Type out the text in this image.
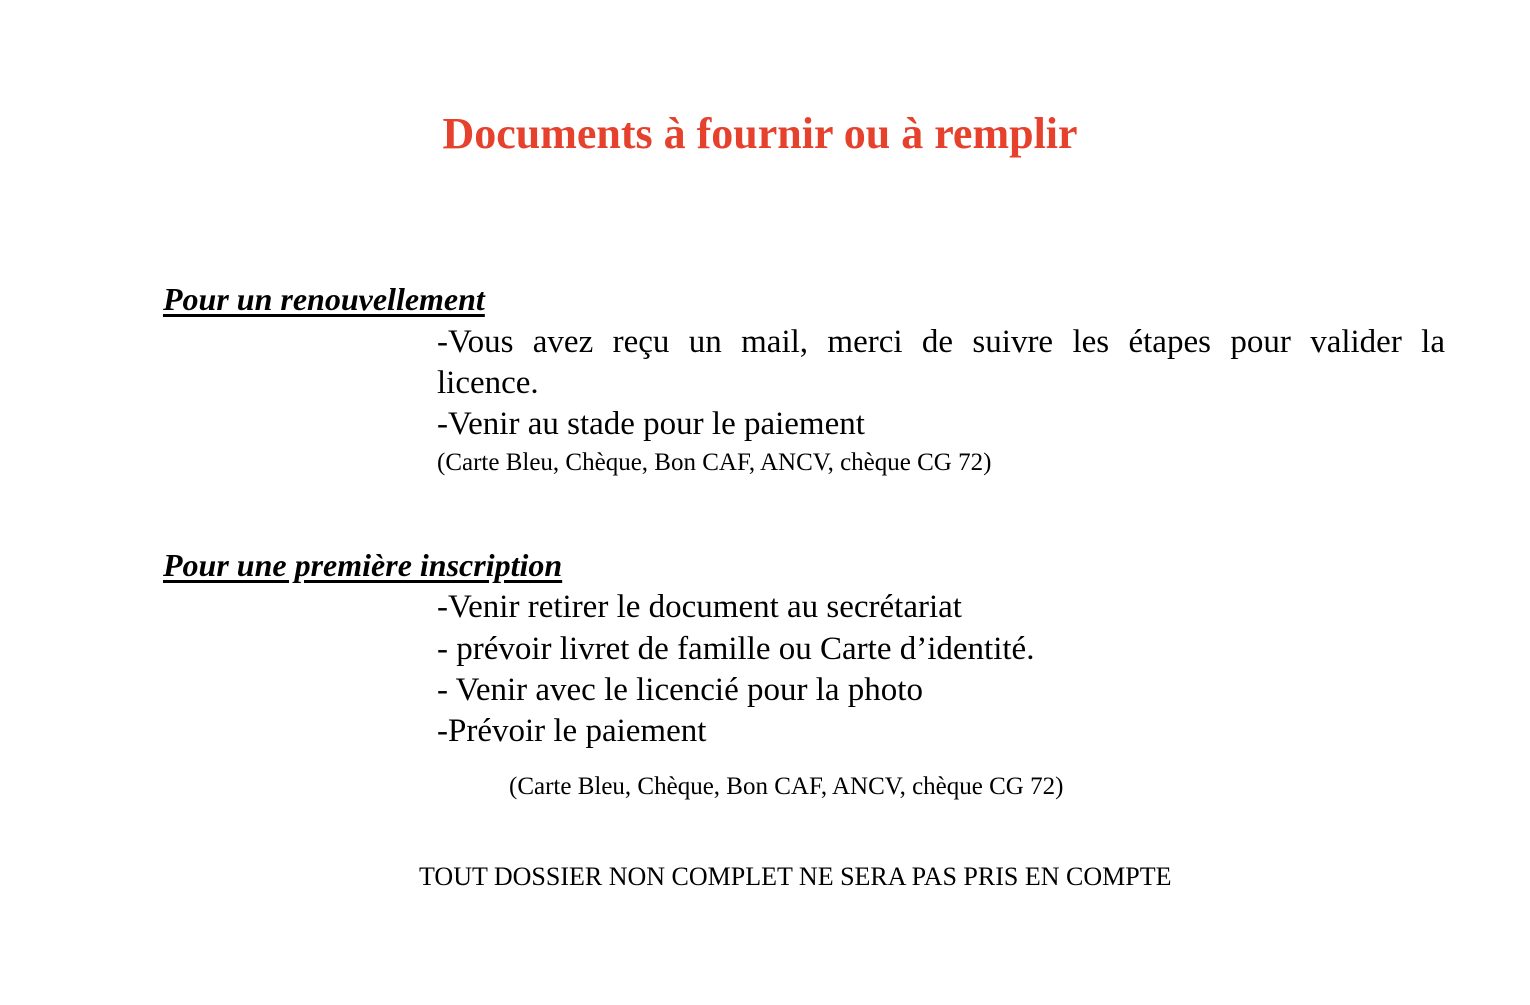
Documents à fournir ou à remplir

Pour un renouvellement

-Vous avez reçu un mail, merci de suivre les étapes pour valider la

licence.

-Venir au stade pour le paiement

(Carte Bleu, Chèque, Bon CAF, ANCV, chèque CG 72)

Pour une première inscription

-Venir retirer le document au secrétariat

- prévoir livret de famille ou Carte d’identité.

- Venir avec le licencié pour la photo

-Prévoir le paiement

(Carte Bleu, Chèque, Bon CAF, ANCV, chèque CG 72)

TOUT DOSSIER NON COMPLET NE SERA PAS PRIS EN COMPTE
